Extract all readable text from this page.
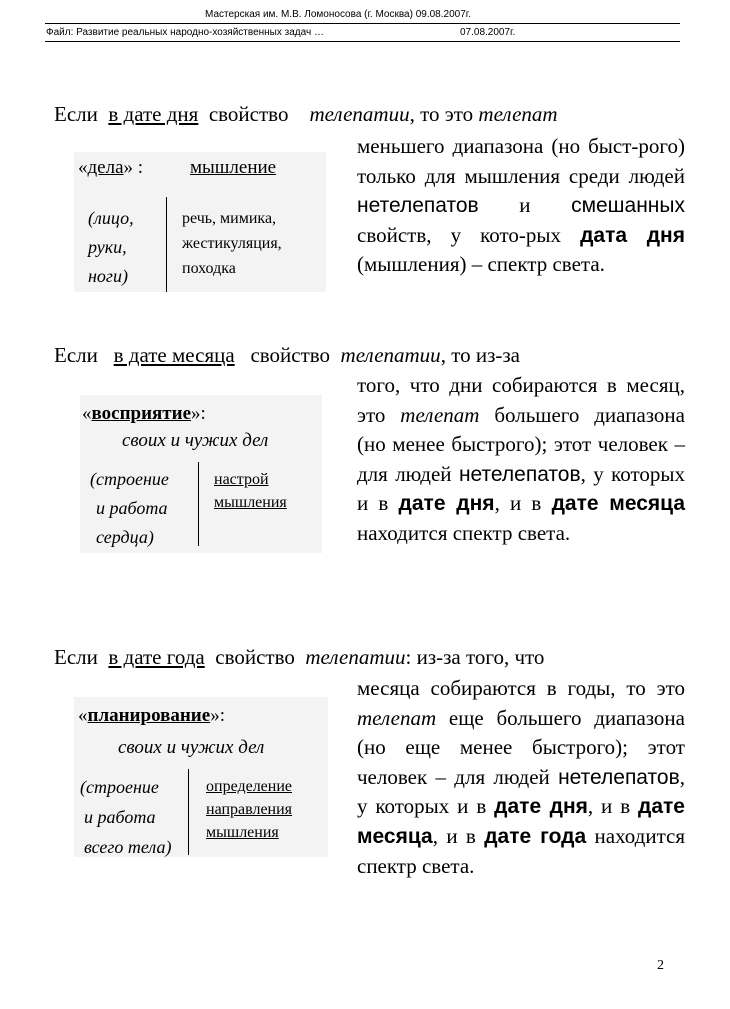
Мастерская им. М.В. Ломоносова (г. Москва) 09.08.2007г.
Файл: Развитие реальных народно-хозяйственных задач …	07.08.2007г.
Если в дате дня свойство телепатии, то это телепат
меньшего диапазона (но быст-рого) только для мышления среди людей нетелепатов и смешанных свойств, у кото-рых дата дня (мышления) – спектр света.
«дела» : мышление
(лицо,
руки,
ноги)
речь, мимика,
жестикуляция,
походка
Если в дате месяца свойство телепатии, то из-за
того, что дни собираются в месяц, это телепат большего диапазона (но менее быстрого); этот человек – для людей нетелепатов, у которых и в дате дня, и в дате месяца находится спектр света.
«восприятие»:
своих и чужих дел
(строение
и работа
сердца)
настрой
мышления
Если в дате года свойство телепатии: из-за того, что
месяца собираются в годы, то это телепат еще большего диапазона (но еще менее быстрого); этот человек – для людей нетелепатов, у которых и в дате дня, и в дате месяца, и в дате года находится спектр света.
«планирование»:
своих и чужих дел
(строение
и работа
всего тела)
определение
направления
мышления
2
